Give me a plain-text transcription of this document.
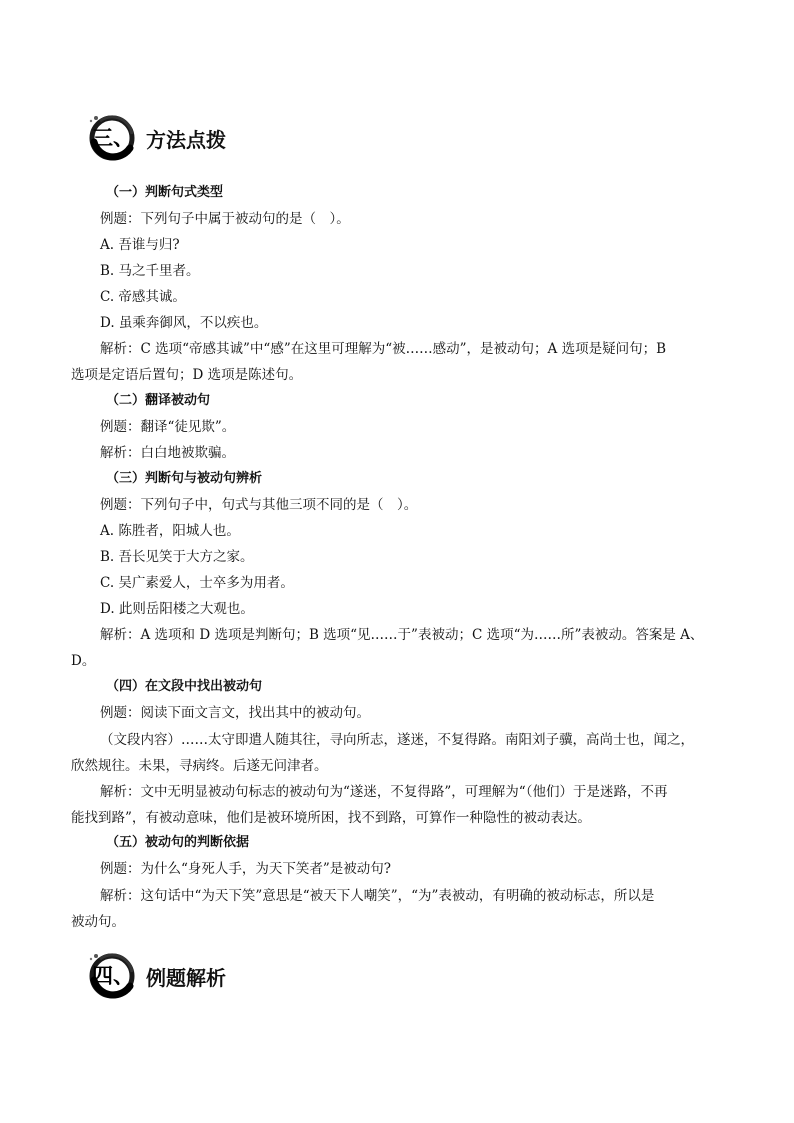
三、 方法点拨
（一）判断句式类型
例题：下列句子中属于被动句的是（　）。
A. 吾谁与归?
B. 马之千里者。
C. 帝感其诚。
D. 虽乘奔御风，不以疾也。
解析：C 选项“帝感其诚”中“感”在这里可理解为“被……感动”，是被动句；A 选项是疑问句；B
选项是定语后置句；D 选项是陈述句。
（二）翻译被动句
例题：翻译“徒见欺”。
解析：白白地被欺骗。
（三）判断句与被动句辨析
例题：下列句子中，句式与其他三项不同的是（　）。
A. 陈胜者，阳城人也。
B. 吾长见笑于大方之家。
C. 吴广素爱人，士卒多为用者。
D. 此则岳阳楼之大观也。
解析：A 选项和 D 选项是判断句；B 选项“见……于”表被动；C 选项“为……所”表被动。答案是 A、
D。
（四）在文段中找出被动句
例题：阅读下面文言文，找出其中的被动句。
（文段内容）……太守即遣人随其往，寻向所志，遂迷，不复得路。南阳刘子骥，高尚士也，闻之，
欣然规往。未果，寻病终。后遂无问津者。
解析：文中无明显被动句标志的被动句为“遂迷，不复得路”，可理解为“（他们）于是迷路，不再
能找到路”，有被动意味，他们是被环境所困，找不到路，可算作一种隐性的被动表达。
（五）被动句的判断依据
例题：为什么“身死人手，为天下笑者”是被动句?
解析：这句话中“为天下笑”意思是“被天下人嘲笑”，“为”表被动，有明确的被动标志，所以是
被动句。
四、 例题解析
